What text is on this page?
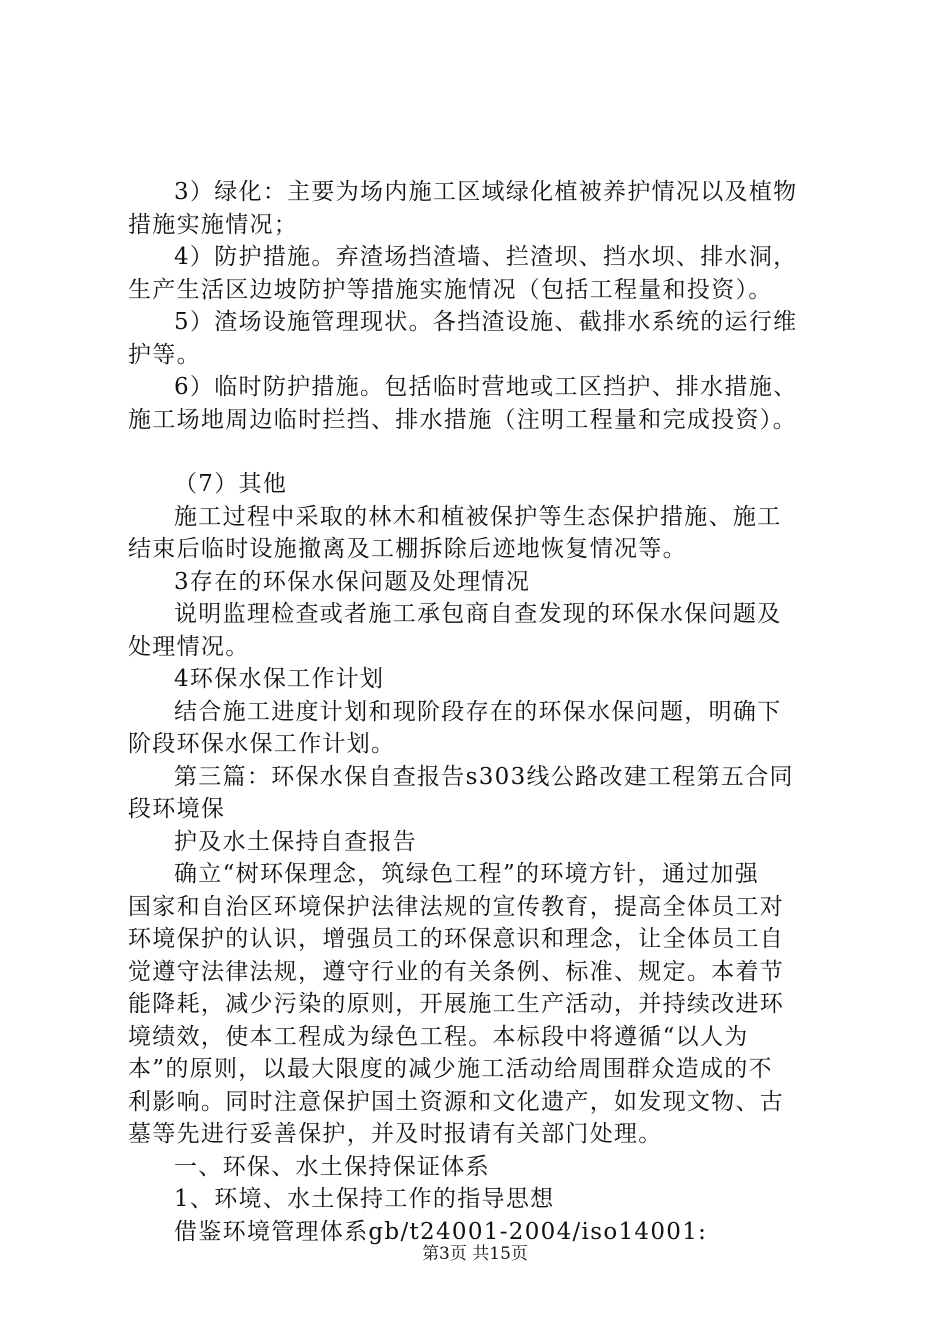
3）绿化：主要为场内施工区域绿化植被养护情况以及植物
措施实施情况；
4）防护措施。弃渣场挡渣墙、拦渣坝、挡水坝、排水洞，
生产生活区边坡防护等措施实施情况（包括工程量和投资）。
5）渣场设施管理现状。各挡渣设施、截排水系统的运行维
护等。
6）临时防护措施。包括临时营地或工区挡护、排水措施、
施工场地周边临时拦挡、排水措施（注明工程量和完成投资）。
（7）其他
施工过程中采取的林木和植被保护等生态保护措施、施工
结束后临时设施撤离及工棚拆除后迹地恢复情况等。
3存在的环保水保问题及处理情况
说明监理检查或者施工承包商自查发现的环保水保问题及
处理情况。
4环保水保工作计划
结合施工进度计划和现阶段存在的环保水保问题，明确下
阶段环保水保工作计划。
第三篇：环保水保自查报告s303线公路改建工程第五合同
段环境保
护及水土保持自查报告
确立“树环保理念，筑绿色工程”的环境方针，通过加强
国家和自治区环境保护法律法规的宣传教育，提高全体员工对
环境保护的认识，增强员工的环保意识和理念，让全体员工自
觉遵守法律法规，遵守行业的有关条例、标准、规定。本着节
能降耗，减少污染的原则，开展施工生产活动，并持续改进环
境绩效，使本工程成为绿色工程。本标段中将遵循“以人为
本”的原则，以最大限度的减少施工活动给周围群众造成的不
利影响。同时注意保护国土资源和文化遗产，如发现文物、古
墓等先进行妥善保护，并及时报请有关部门处理。
一、环保、水土保持保证体系
1、环境、水土保持工作的指导思想
借鉴环境管理体系gb/t24001-2004/iso14001:
第3页 共15页
